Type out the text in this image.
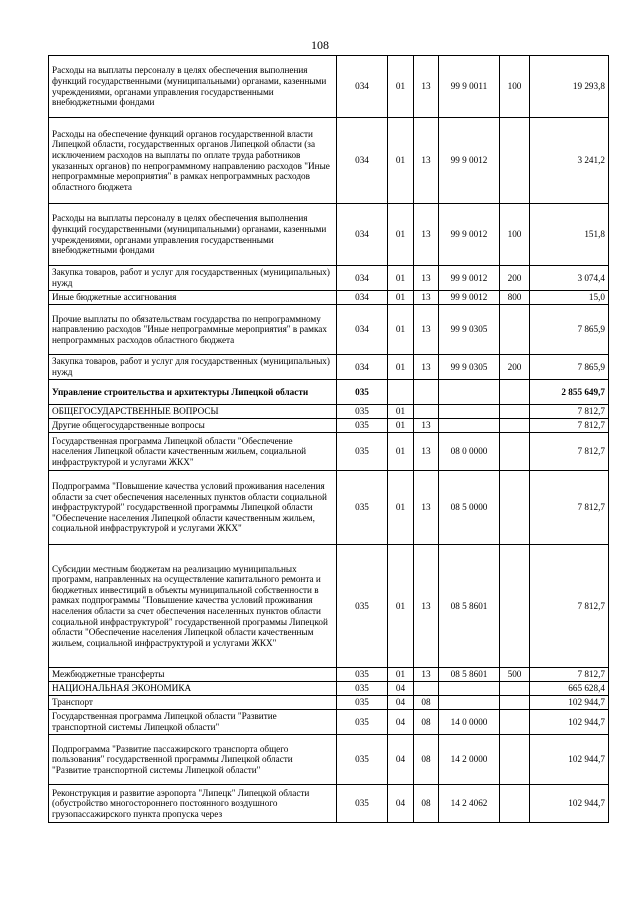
108
Расходы на выплаты персоналу в целях обеспечения выполнения функций государственными (муниципальными) органами, казенными учреждениями, органами управления государственными внебюджетными фондами	034	01	13	99 9 0011	100	19 293,8
Расходы на обеспечение функций органов государственной власти Липецкой области, государственных органов Липецкой области (за исключением расходов на выплаты по оплате труда работников указанных органов) по непрограммному направлению расходов "Иные непрограммные мероприятия" в рамках непрограммных расходов областного бюджета	034	01	13	99 9 0012		3 241,2
Расходы на выплаты персоналу в целях обеспечения выполнения функций государственными (муниципальными) органами, казенными учреждениями, органами управления государственными внебюджетными фондами	034	01	13	99 9 0012	100	151,8
Закупка товаров, работ и услуг для государственных (муниципальных) нужд	034	01	13	99 9 0012	200	3 074,4
Иные бюджетные ассигнования	034	01	13	99 9 0012	800	15,0
Прочие выплаты по обязательствам государства по непрограммному направлению расходов "Иные непрограммные мероприятия" в рамках непрограммных расходов областного бюджета	034	01	13	99 9 0305		7 865,9
Закупка товаров, работ и услуг для государственных (муниципальных) нужд	034	01	13	99 9 0305	200	7 865,9
Управление строительства и архитектуры Липецкой области	035					2 855 649,7
ОБЩЕГОСУДАРСТВЕННЫЕ ВОПРОСЫ	035	01				7 812,7
Другие общегосударственные вопросы	035	01	13			7 812,7
Государственная программа Липецкой области "Обеспечение населения Липецкой области качественным жильем, социальной инфраструктурой и услугами ЖКХ"	035	01	13	08 0 0000		7 812,7
Подпрограмма "Повышение качества условий проживания населения области за счет обеспечения населенных пунктов области социальной инфраструктурой" государственной программы Липецкой области "Обеспечение населения Липецкой области качественным жильем, социальной инфраструктурой и услугами ЖКХ"	035	01	13	08 5 0000		7 812,7
Субсидии местным бюджетам на реализацию муниципальных программ, направленных на осуществление капитального ремонта и бюджетных инвестиций в объекты муниципальной собственности в рамках подпрограммы "Повышение качества условий проживания населения области за счет обеспечения населенных пунктов области социальной инфраструктурой" государственной программы Липецкой области "Обеспечение населения Липецкой области качественным жильем, социальной инфраструктурой и услугами ЖКХ"	035	01	13	08 5 8601		7 812,7
Межбюджетные трансферты	035	01	13	08 5 8601	500	7 812,7
НАЦИОНАЛЬНАЯ ЭКОНОМИКА	035	04				665 628,4
Транспорт	035	04	08			102 944,7
Государственная программа Липецкой области "Развитие транспортной системы Липецкой области"	035	04	08	14 0 0000		102 944,7
Подпрограмма "Развитие пассажирского транспорта общего пользования" государственной программы Липецкой области "Развитие транспортной системы Липецкой области"	035	04	08	14 2 0000		102 944,7
Реконструкция и развитие аэропорта "Липецк" Липецкой области (обустройство многостороннего постоянного воздушного грузопассажирского пункта пропуска через	035	04	08	14 2 4062		102 944,7
